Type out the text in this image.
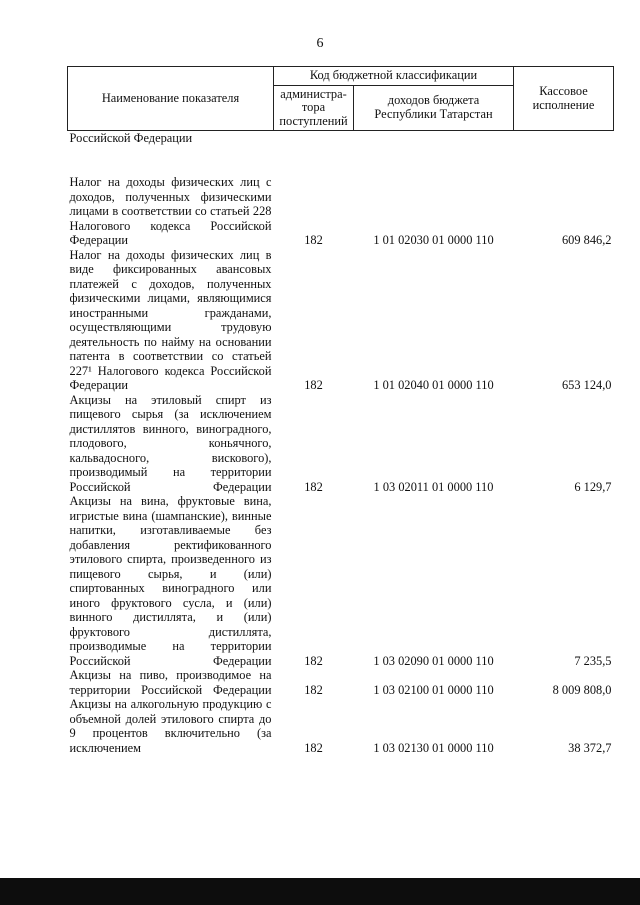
6
Наименование показателя	Код бюджетной классификации		Кассовое исполнение
	администра-тора поступлений	доходов бюджета Республики Татарстан	
Российской Федерации			
Налог на доходы физических лиц с доходов, полученных физическими лицами в соответствии со статьей 228 Налогового кодекса Российской Федерации	182	1 01 02030 01 0000 110	609 846,2
Налог на доходы физических лиц в виде фиксированных авансовых платежей с доходов, полученных физическими лицами, являющимися иностранными гражданами, осуществляющими трудовую деятельность по найму на основании патента в соответствии со статьей 227¹ Налогового кодекса Российской Федерации	182	1 01 02040 01 0000 110	653 124,0
Акцизы на этиловый спирт из пищевого сырья (за исключением дистиллятов винного, виноградного, плодового, коньячного, кальвадосного, вискового), производимый на территории Российской Федерации	182	1 03 02011 01 0000 110	6 129,7
Акцизы на вина, фруктовые вина, игристые вина (шампанские), винные напитки, изготавливаемые без добавления ректификованного этилового спирта, произведенного из пищевого сырья, и (или) спиртованных виноградного или иного фруктового сусла, и (или) винного дистиллята, и (или) фруктового дистиллята, производимые на территории Российской Федерации	182	1 03 02090 01 0000 110	7 235,5
Акцизы на пиво, производимое на территории Российской Федерации	182	1 03 02100 01 0000 110	8 009 808,0
Акцизы на алкогольную продукцию с объемной долей этилового спирта до 9 процентов включительно (за исключением	182	1 03 02130 01 0000 110	38 372,7
